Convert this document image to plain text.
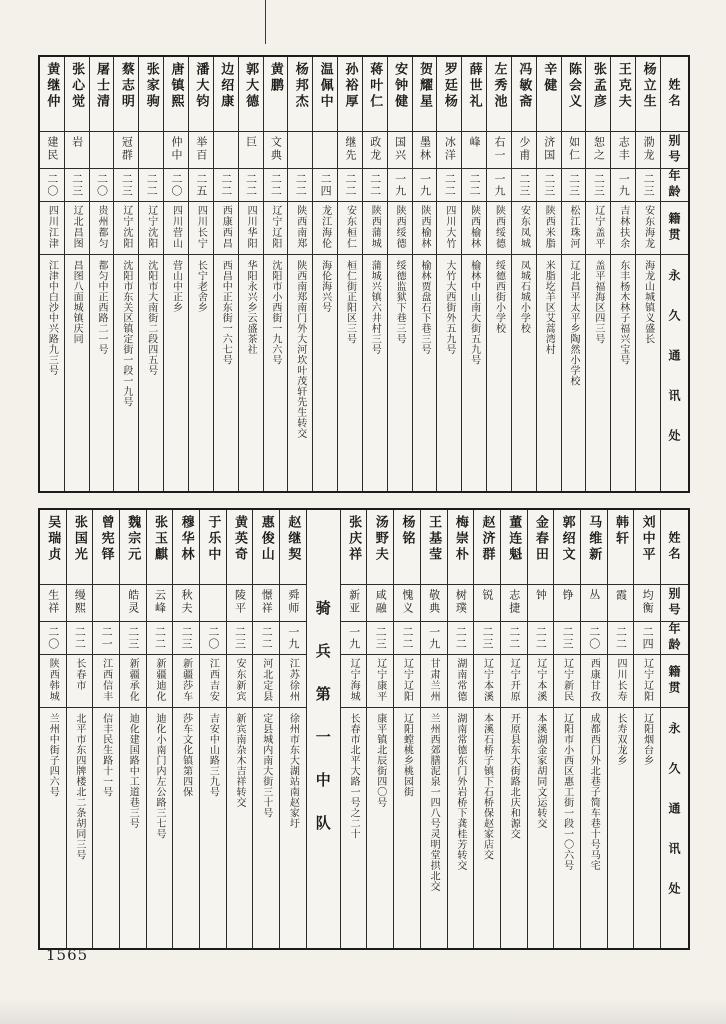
姓名
别号
年龄
籍贯
永久通讯处
杨立生
泐龙
二三
安东海龙
海龙山城镇义盛长
王克夫
志丰
一九
吉林扶余
东丰杨木林子福兴宝号
张孟彦
恕之
二三
辽宁盖平
盖平福海区四三号
陈会义
如仁
二三
松江珠河
辽北昌平太平乡陶然小学校
辛健
济国
二三
陕西米脂
米脂圪羊区艾蒿湾村
冯敏斋
少甫
二三
安东凤城
凤城石城小学校
左秀池
右一
一九
陕西绥德
绥德西街小学校
薛世礼
峰
二二
陕西榆林
榆林中山南大街五九号
罗廷杨
冰洋
二二
四川大竹
大竹大西街外五九号
贺耀星
墨林
一九
陕西榆林
榆林贾盘石下巷三号
安钟健
国兴
一九
陕西绥德
绥德监狱下巷三号
蒋叶仁
政龙
二二
陕西蒲城
蒲城兴镇六井村三号
孙裕厚
继先
二二
安东桓仁
桓仁街正阳区三号
温佩中
二四
龙江海伦
海伦海兴号
杨邦杰
二二
陕西南郑
陕西南郑南门外大河坎叶茂轩先生转交
黄鹏
文典
二二
辽宁辽阳
沈阳市小西街一九六号
郭大德
巨
二二
四川华阳
华阳永兴乡云盛茶社
边绍康
二二
西康西昌
西昌中正东街一六七号
潘大钧
举百
二五
四川长宁
长宁老舍乡
唐镇熙
仲中
二〇
四川营山
营山中正乡
张家驹
二二
辽宁沈阳
沈阳市大南街二段四五号
蔡志明
冠群
二三
辽宁沈阳
沈阳市东关区镇定街一段一九号
屠士清
二〇
贵州都匀
都匀中正西路二一号
张心觉
岩
二三
辽北昌图
昌图八面城镇庆同
黄继仲
建民
二〇
四川江津
江津中白沙中兴路九三号
姓名
别号
年龄
籍贯
永久通讯处
刘中平
均衡
二四
辽宁辽阳
辽阳烟台乡
韩轩
霞
二二
四川长寿
长寿双龙乡
马维新
丛
二〇
西康甘孜
成都西门外北巷子简车巷十号马宅
郭绍文
铮
二三
辽宁新民
辽阳市小西区惠工街一段一〇六号
金春田
钟
二二
辽宁本溪
本溪湖金家胡同文运转交
董连魁
志捷
二二
辽宁开原
开原县东大街路北庆和源交
赵济群
锐
二三
辽宁本溪
本溪石桥子镇下石桥保赵家店交
梅崇朴
树璞
二二
湖南常德
湖南常德东门外岩桥下龚桂芳转交
王基莹
敬典
一九
甘肃兰州
兰州西郊膳泥泉一四八号灵明堂拱北交
杨铭
愧义
二二
辽宁辽阳
辽阳螳桃乡桃园街
汤野夫
咸融
二三
辽宁康平
康平镇北辰街四〇号
张庆祥
新亚
一九
辽宁海城
长春市北平大路一号之二十
骑兵第一中队
赵继契
舜师
一九
江苏徐州
徐州市东大湖站南赵家圩
惠俊山
憬祥
二二
河北定县
定县城内南大街三十号
黄英奇
陵平
二三
安东新宾
新宾南杂木吉祥转交
于乐中
二〇
江西吉安
吉安中山路三九号
穆华林
秋夫
二三
新疆莎车
莎车文化镇第四保
张玉麒
云峰
二二
新疆迪化
迪化小南门内左公路三七号
魏宗元
皓灵
二三
新疆承化
迪化建国路中工道巷三号
曾宪铎
二一
江西信丰
信丰民生路十一号
张国光
缦熙
二二
长春市
北平市东四牌楼北二条胡同三号
吴瑞贞
生祥
二〇
陕西韩城
兰州中街子四六号
1565
